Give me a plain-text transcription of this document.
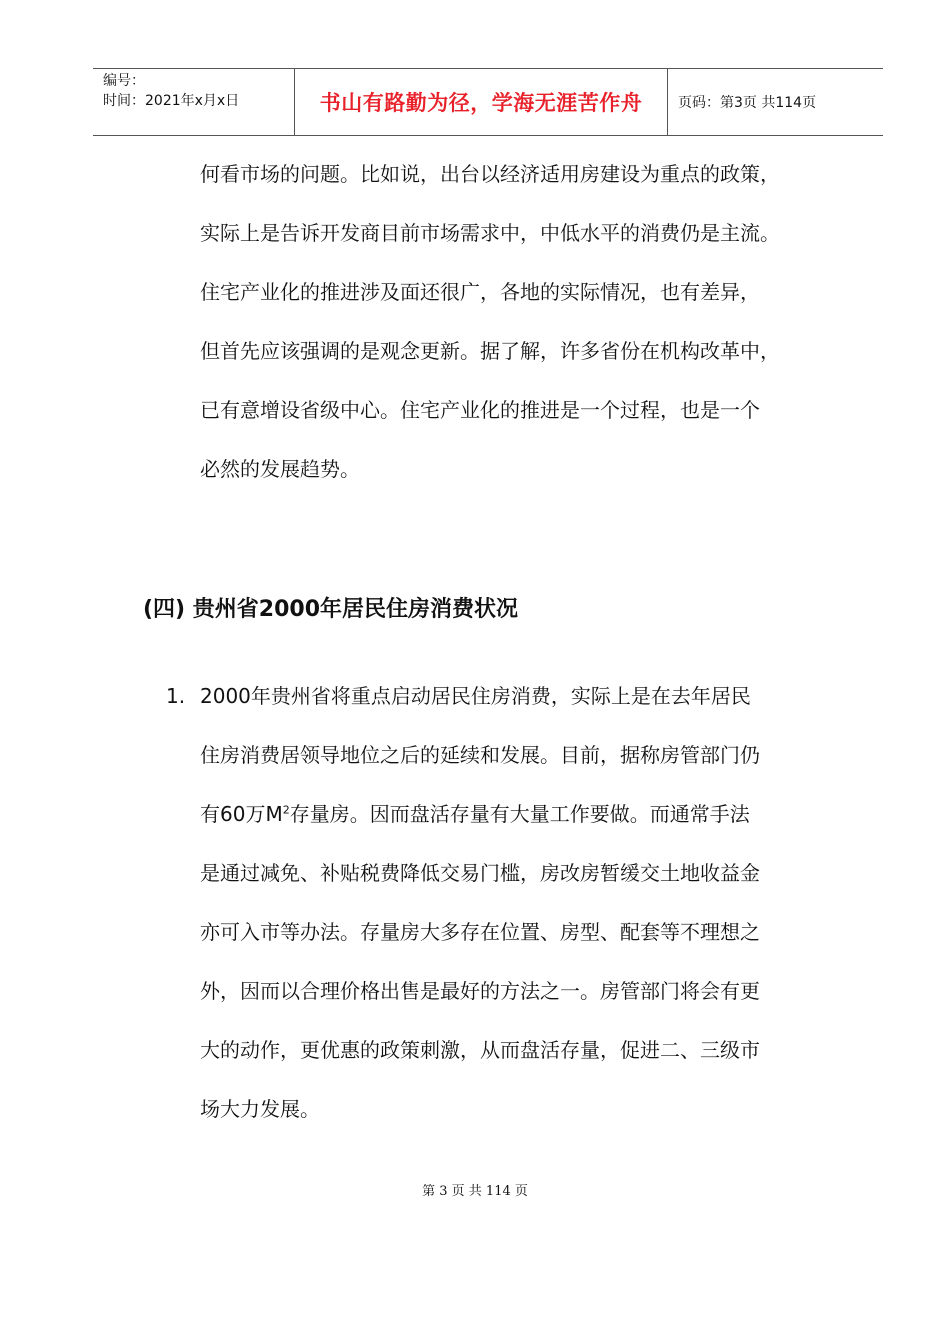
编号：
时间：2021年x月x日	书山有路勤为径，学海无涯苦作舟	页码：第3页 共114页
何看市场的问题。比如说，出台以经济适用房建设为重点的政策，
实际上是告诉开发商目前市场需求中，中低水平的消费仍是主流。
住宅产业化的推进涉及面还很广，各地的实际情况，也有差异，
但首先应该强调的是观念更新。据了解，许多省份在机构改革中，
已有意增设省级中心。住宅产业化的推进是一个过程，也是一个
必然的发展趋势。
(四) 贵州省2000年居民住房消费状况
1. 2000年贵州省将重点启动居民住房消费，实际上是在去年居民
住房消费居领导地位之后的延续和发展。目前，据称房管部门仍
有60万$M^2$存量房。因而盘活存量有大量工作要做。而通常手法
是通过减免、补贴税费降低交易门槛，房改房暂缓交土地收益金
亦可入市等办法。存量房大多存在位置、房型、配套等不理想之
外，因而以合理价格出售是最好的方法之一。房管部门将会有更
大的动作，更优惠的政策刺激，从而盘活存量，促进二、三级市
场大力发展。
第 3 页 共 114 页
